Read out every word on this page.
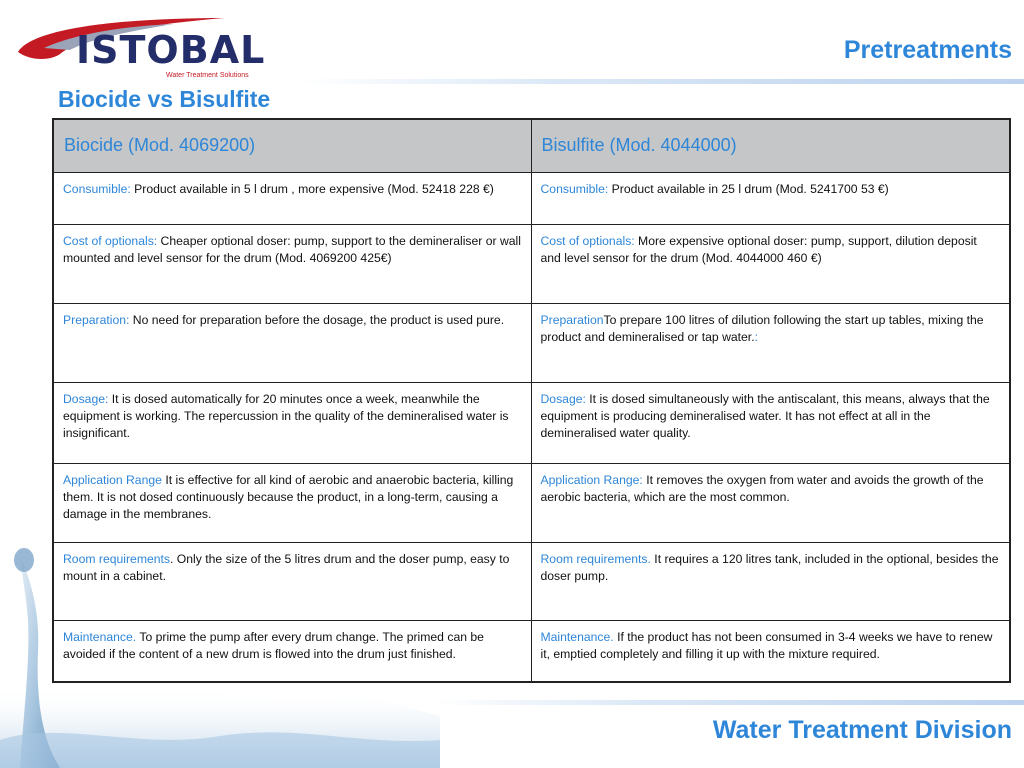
ISTOBAL
Water Treatment Solutions
Pretreatments
Biocide vs Bisulfite
Biocide (Mod. 4069200)	Bisulfite (Mod. 4044000)
Consumible: Product available in 5 l drum , more expensive (Mod. 52418 228 €)	Consumible: Product available in 25 l drum (Mod. 5241700 53 €)
Cost of optionals: Cheaper optional doser: pump, support to the demineraliser or wall mounted and level sensor for the drum (Mod. 4069200 425€)	Cost of optionals: More expensive optional doser: pump, support, dilution deposit and level sensor for the drum (Mod. 4044000 460 €)
Preparation: No need for preparation before the dosage, the product is used pure.	PreparationTo prepare 100 litres of dilution following the start up tables, mixing the product and demineralised or tap water.:
Dosage: It is dosed automatically for 20 minutes once a week, meanwhile the equipment is working. The repercussion in the quality of the demineralised water is insignificant.	Dosage: It is dosed simultaneously with the antiscalant, this means, always that the equipment is producing demineralised water. It has not effect at all in the demineralised water quality.
Application Range It is effective for all kind of aerobic and anaerobic bacteria, killing them. It is not dosed continuously because the product, in a long-term, causing a damage in the membranes.	Application Range: It removes the oxygen from water and avoids the growth of the aerobic bacteria, which are the most common.
Room requirements. Only the size of the 5 litres drum and the doser pump, easy to mount in a cabinet.	Room requirements. It requires a 120 litres tank, included in the optional, besides the doser pump.
Maintenance. To prime the pump after every drum change. The primed can be avoided if the content of a new drum is flowed into the drum just finished.	Maintenance. If the product has not been consumed in 3-4 weeks we have to renew it, emptied completely and filling it up with the mixture required.
Water Treatment Division
